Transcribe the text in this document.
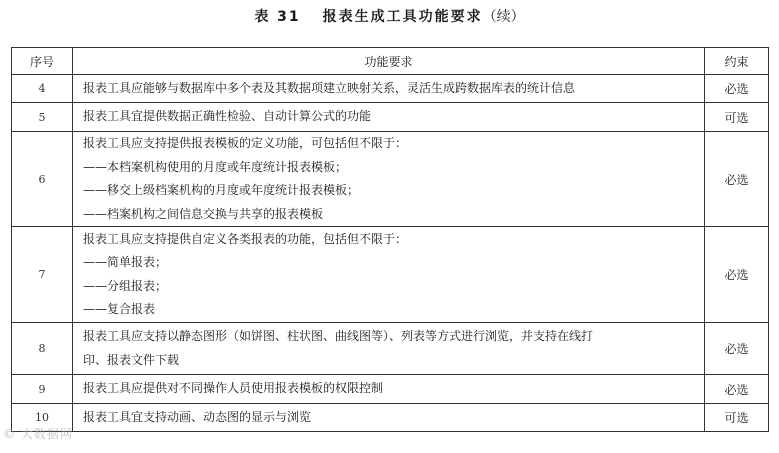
表 31 报表生成工具功能要求（续）
序号	功能要求	约束
4	报表工具应能够与数据库中多个表及其数据项建立映射关系，灵活生成跨数据库表的统计信息	必选
5	报表工具宜提供数据正确性检验、自动计算公式的功能	可选
6	报表工具应支持提供报表模板的定义功能，可包括但不限于：
——本档案机构使用的月度或年度统计报表模板；
——移交上级档案机构的月度或年度统计报表模板；
——档案机构之间信息交换与共享的报表模板	必选
7	报表工具应支持提供自定义各类报表的功能，包括但不限于：
——简单报表；
——分组报表；
——复合报表	必选
8	报表工具应支持以静态图形（如饼图、柱状图、曲线图等）、列表等方式进行浏览，并支持在线打
印、报表文件下载	必选
9	报表工具应提供对不同操作人员使用报表模板的权限控制	必选
10	报表工具宜支持动画、动态图的显示与浏览	可选
© 大数据网
